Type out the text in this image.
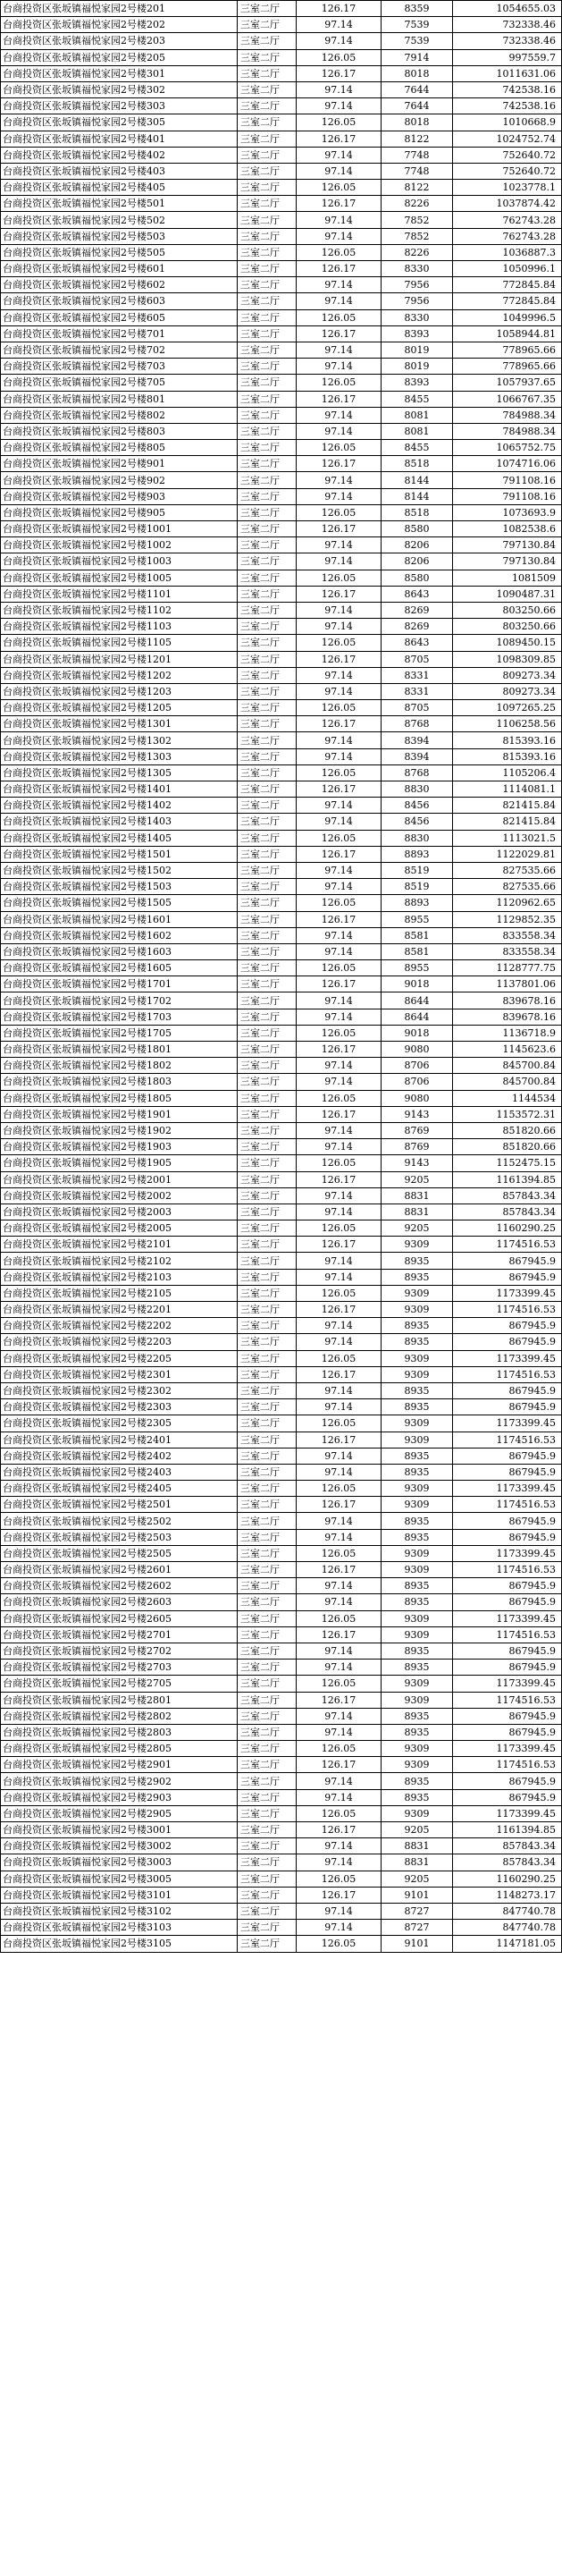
台商投资区张坂镇福悦家园2号楼201	三室二厅	126.17	8359	1054655.03
台商投资区张坂镇福悦家园2号楼202	三室二厅	97.14	7539	732338.46
台商投资区张坂镇福悦家园2号楼203	三室二厅	97.14	7539	732338.46
台商投资区张坂镇福悦家园2号楼205	三室二厅	126.05	7914	997559.7
台商投资区张坂镇福悦家园2号楼301	三室二厅	126.17	8018	1011631.06
台商投资区张坂镇福悦家园2号楼302	三室二厅	97.14	7644	742538.16
台商投资区张坂镇福悦家园2号楼303	三室二厅	97.14	7644	742538.16
台商投资区张坂镇福悦家园2号楼305	三室二厅	126.05	8018	1010668.9
台商投资区张坂镇福悦家园2号楼401	三室二厅	126.17	8122	1024752.74
台商投资区张坂镇福悦家园2号楼402	三室二厅	97.14	7748	752640.72
台商投资区张坂镇福悦家园2号楼403	三室二厅	97.14	7748	752640.72
台商投资区张坂镇福悦家园2号楼405	三室二厅	126.05	8122	1023778.1
台商投资区张坂镇福悦家园2号楼501	三室二厅	126.17	8226	1037874.42
台商投资区张坂镇福悦家园2号楼502	三室二厅	97.14	7852	762743.28
台商投资区张坂镇福悦家园2号楼503	三室二厅	97.14	7852	762743.28
台商投资区张坂镇福悦家园2号楼505	三室二厅	126.05	8226	1036887.3
台商投资区张坂镇福悦家园2号楼601	三室二厅	126.17	8330	1050996.1
台商投资区张坂镇福悦家园2号楼602	三室二厅	97.14	7956	772845.84
台商投资区张坂镇福悦家园2号楼603	三室二厅	97.14	7956	772845.84
台商投资区张坂镇福悦家园2号楼605	三室二厅	126.05	8330	1049996.5
台商投资区张坂镇福悦家园2号楼701	三室二厅	126.17	8393	1058944.81
台商投资区张坂镇福悦家园2号楼702	三室二厅	97.14	8019	778965.66
台商投资区张坂镇福悦家园2号楼703	三室二厅	97.14	8019	778965.66
台商投资区张坂镇福悦家园2号楼705	三室二厅	126.05	8393	1057937.65
台商投资区张坂镇福悦家园2号楼801	三室二厅	126.17	8455	1066767.35
台商投资区张坂镇福悦家园2号楼802	三室二厅	97.14	8081	784988.34
台商投资区张坂镇福悦家园2号楼803	三室二厅	97.14	8081	784988.34
台商投资区张坂镇福悦家园2号楼805	三室二厅	126.05	8455	1065752.75
台商投资区张坂镇福悦家园2号楼901	三室二厅	126.17	8518	1074716.06
台商投资区张坂镇福悦家园2号楼902	三室二厅	97.14	8144	791108.16
台商投资区张坂镇福悦家园2号楼903	三室二厅	97.14	8144	791108.16
台商投资区张坂镇福悦家园2号楼905	三室二厅	126.05	8518	1073693.9
台商投资区张坂镇福悦家园2号楼1001	三室二厅	126.17	8580	1082538.6
台商投资区张坂镇福悦家园2号楼1002	三室二厅	97.14	8206	797130.84
台商投资区张坂镇福悦家园2号楼1003	三室二厅	97.14	8206	797130.84
台商投资区张坂镇福悦家园2号楼1005	三室二厅	126.05	8580	1081509
台商投资区张坂镇福悦家园2号楼1101	三室二厅	126.17	8643	1090487.31
台商投资区张坂镇福悦家园2号楼1102	三室二厅	97.14	8269	803250.66
台商投资区张坂镇福悦家园2号楼1103	三室二厅	97.14	8269	803250.66
台商投资区张坂镇福悦家园2号楼1105	三室二厅	126.05	8643	1089450.15
台商投资区张坂镇福悦家园2号楼1201	三室二厅	126.17	8705	1098309.85
台商投资区张坂镇福悦家园2号楼1202	三室二厅	97.14	8331	809273.34
台商投资区张坂镇福悦家园2号楼1203	三室二厅	97.14	8331	809273.34
台商投资区张坂镇福悦家园2号楼1205	三室二厅	126.05	8705	1097265.25
台商投资区张坂镇福悦家园2号楼1301	三室二厅	126.17	8768	1106258.56
台商投资区张坂镇福悦家园2号楼1302	三室二厅	97.14	8394	815393.16
台商投资区张坂镇福悦家园2号楼1303	三室二厅	97.14	8394	815393.16
台商投资区张坂镇福悦家园2号楼1305	三室二厅	126.05	8768	1105206.4
台商投资区张坂镇福悦家园2号楼1401	三室二厅	126.17	8830	1114081.1
台商投资区张坂镇福悦家园2号楼1402	三室二厅	97.14	8456	821415.84
台商投资区张坂镇福悦家园2号楼1403	三室二厅	97.14	8456	821415.84
台商投资区张坂镇福悦家园2号楼1405	三室二厅	126.05	8830	1113021.5
台商投资区张坂镇福悦家园2号楼1501	三室二厅	126.17	8893	1122029.81
台商投资区张坂镇福悦家园2号楼1502	三室二厅	97.14	8519	827535.66
台商投资区张坂镇福悦家园2号楼1503	三室二厅	97.14	8519	827535.66
台商投资区张坂镇福悦家园2号楼1505	三室二厅	126.05	8893	1120962.65
台商投资区张坂镇福悦家园2号楼1601	三室二厅	126.17	8955	1129852.35
台商投资区张坂镇福悦家园2号楼1602	三室二厅	97.14	8581	833558.34
台商投资区张坂镇福悦家园2号楼1603	三室二厅	97.14	8581	833558.34
台商投资区张坂镇福悦家园2号楼1605	三室二厅	126.05	8955	1128777.75
台商投资区张坂镇福悦家园2号楼1701	三室二厅	126.17	9018	1137801.06
台商投资区张坂镇福悦家园2号楼1702	三室二厅	97.14	8644	839678.16
台商投资区张坂镇福悦家园2号楼1703	三室二厅	97.14	8644	839678.16
台商投资区张坂镇福悦家园2号楼1705	三室二厅	126.05	9018	1136718.9
台商投资区张坂镇福悦家园2号楼1801	三室二厅	126.17	9080	1145623.6
台商投资区张坂镇福悦家园2号楼1802	三室二厅	97.14	8706	845700.84
台商投资区张坂镇福悦家园2号楼1803	三室二厅	97.14	8706	845700.84
台商投资区张坂镇福悦家园2号楼1805	三室二厅	126.05	9080	1144534
台商投资区张坂镇福悦家园2号楼1901	三室二厅	126.17	9143	1153572.31
台商投资区张坂镇福悦家园2号楼1902	三室二厅	97.14	8769	851820.66
台商投资区张坂镇福悦家园2号楼1903	三室二厅	97.14	8769	851820.66
台商投资区张坂镇福悦家园2号楼1905	三室二厅	126.05	9143	1152475.15
台商投资区张坂镇福悦家园2号楼2001	三室二厅	126.17	9205	1161394.85
台商投资区张坂镇福悦家园2号楼2002	三室二厅	97.14	8831	857843.34
台商投资区张坂镇福悦家园2号楼2003	三室二厅	97.14	8831	857843.34
台商投资区张坂镇福悦家园2号楼2005	三室二厅	126.05	9205	1160290.25
台商投资区张坂镇福悦家园2号楼2101	三室二厅	126.17	9309	1174516.53
台商投资区张坂镇福悦家园2号楼2102	三室二厅	97.14	8935	867945.9
台商投资区张坂镇福悦家园2号楼2103	三室二厅	97.14	8935	867945.9
台商投资区张坂镇福悦家园2号楼2105	三室二厅	126.05	9309	1173399.45
台商投资区张坂镇福悦家园2号楼2201	三室二厅	126.17	9309	1174516.53
台商投资区张坂镇福悦家园2号楼2202	三室二厅	97.14	8935	867945.9
台商投资区张坂镇福悦家园2号楼2203	三室二厅	97.14	8935	867945.9
台商投资区张坂镇福悦家园2号楼2205	三室二厅	126.05	9309	1173399.45
台商投资区张坂镇福悦家园2号楼2301	三室二厅	126.17	9309	1174516.53
台商投资区张坂镇福悦家园2号楼2302	三室二厅	97.14	8935	867945.9
台商投资区张坂镇福悦家园2号楼2303	三室二厅	97.14	8935	867945.9
台商投资区张坂镇福悦家园2号楼2305	三室二厅	126.05	9309	1173399.45
台商投资区张坂镇福悦家园2号楼2401	三室二厅	126.17	9309	1174516.53
台商投资区张坂镇福悦家园2号楼2402	三室二厅	97.14	8935	867945.9
台商投资区张坂镇福悦家园2号楼2403	三室二厅	97.14	8935	867945.9
台商投资区张坂镇福悦家园2号楼2405	三室二厅	126.05	9309	1173399.45
台商投资区张坂镇福悦家园2号楼2501	三室二厅	126.17	9309	1174516.53
台商投资区张坂镇福悦家园2号楼2502	三室二厅	97.14	8935	867945.9
台商投资区张坂镇福悦家园2号楼2503	三室二厅	97.14	8935	867945.9
台商投资区张坂镇福悦家园2号楼2505	三室二厅	126.05	9309	1173399.45
台商投资区张坂镇福悦家园2号楼2601	三室二厅	126.17	9309	1174516.53
台商投资区张坂镇福悦家园2号楼2602	三室二厅	97.14	8935	867945.9
台商投资区张坂镇福悦家园2号楼2603	三室二厅	97.14	8935	867945.9
台商投资区张坂镇福悦家园2号楼2605	三室二厅	126.05	9309	1173399.45
台商投资区张坂镇福悦家园2号楼2701	三室二厅	126.17	9309	1174516.53
台商投资区张坂镇福悦家园2号楼2702	三室二厅	97.14	8935	867945.9
台商投资区张坂镇福悦家园2号楼2703	三室二厅	97.14	8935	867945.9
台商投资区张坂镇福悦家园2号楼2705	三室二厅	126.05	9309	1173399.45
台商投资区张坂镇福悦家园2号楼2801	三室二厅	126.17	9309	1174516.53
台商投资区张坂镇福悦家园2号楼2802	三室二厅	97.14	8935	867945.9
台商投资区张坂镇福悦家园2号楼2803	三室二厅	97.14	8935	867945.9
台商投资区张坂镇福悦家园2号楼2805	三室二厅	126.05	9309	1173399.45
台商投资区张坂镇福悦家园2号楼2901	三室二厅	126.17	9309	1174516.53
台商投资区张坂镇福悦家园2号楼2902	三室二厅	97.14	8935	867945.9
台商投资区张坂镇福悦家园2号楼2903	三室二厅	97.14	8935	867945.9
台商投资区张坂镇福悦家园2号楼2905	三室二厅	126.05	9309	1173399.45
台商投资区张坂镇福悦家园2号楼3001	三室二厅	126.17	9205	1161394.85
台商投资区张坂镇福悦家园2号楼3002	三室二厅	97.14	8831	857843.34
台商投资区张坂镇福悦家园2号楼3003	三室二厅	97.14	8831	857843.34
台商投资区张坂镇福悦家园2号楼3005	三室二厅	126.05	9205	1160290.25
台商投资区张坂镇福悦家园2号楼3101	三室二厅	126.17	9101	1148273.17
台商投资区张坂镇福悦家园2号楼3102	三室二厅	97.14	8727	847740.78
台商投资区张坂镇福悦家园2号楼3103	三室二厅	97.14	8727	847740.78
台商投资区张坂镇福悦家园2号楼3105	三室二厅	126.05	9101	1147181.05
